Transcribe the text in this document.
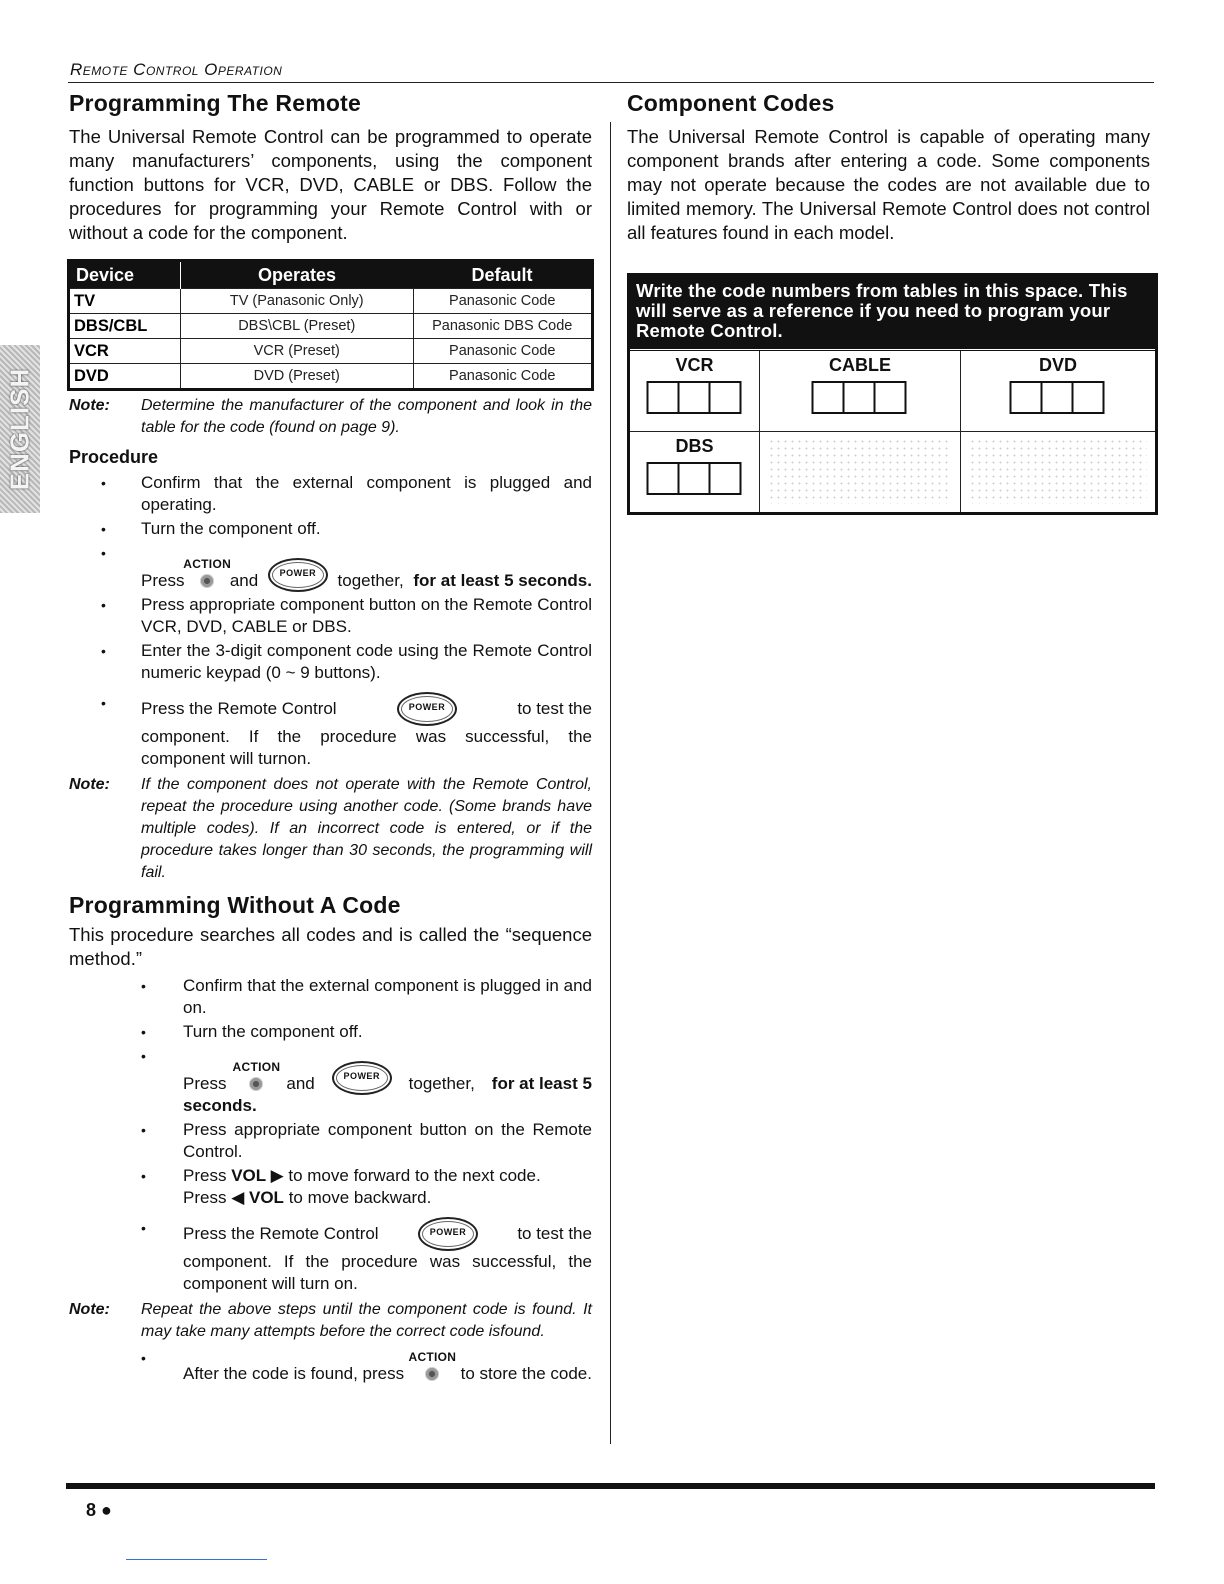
Remote Control Operation
ENGLISH
Programming The Remote

The Universal Remote Control can be programmed to operate many manufacturers’ components, using the component function buttons for VCR, DVD, CABLE or DBS. Follow the procedures for programming your Remote Control with or without a code for the component.

Device	Operates	Default
TV	TV (Panasonic Only)	Panasonic Code
DBS/CBL	DBS\CBL (Preset)	Panasonic DBS Code
VCR	VCR (Preset)	Panasonic Code
DVD	DVD (Preset)	Panasonic Code
Note:	Determine the manufacturer of the component and look in the table for the code (found on page 9).
Procedure
• Confirm that the external component is plugged and operating.
• Turn the component off.
• Press
ACTION
and	POWER	together, for at least 5 seconds.
• Press appropriate component button on the Remote Control VCR, DVD, CABLE or DBS.
• Enter the 3-digit component code using the Remote Control numeric keypad (0 ~ 9 buttons).
• Press the Remote Control	POWER	to test the
component. If the procedure was successful, the component will turnon.
Note:	If the component does not operate with the Remote Control, repeat the procedure using another code. (Some brands have multiple codes). If an incorrect code is entered, or if the procedure takes longer than 30 seconds, the programming will fail.
Programming Without A Code

This procedure searches all codes and is called the “sequence method.”

• Confirm that the external component is plugged in and on.
• Turn the component off.
• Press
ACTION
and	POWER	together, for at least 5
seconds.
• Press appropriate component button on the Remote Control.
• Press VOL ▶ to move forward to the next code.
Press ◀ VOL to move backward.
• Press the Remote Control	POWER	to test the
component. If the procedure was successful, the component will turn on.
Note:	Repeat the above steps until the component code is found. It may take many attempts before the correct code isfound.
• After the code is found, press
ACTION
to store the code.
Component Codes

The Universal Remote Control is capable of operating many component brands after entering a code. Some components may not operate because the codes are not available due to limited memory. The Universal Remote Control does not control all features found in each model.

Write the code numbers from tables in this space. This will serve as a reference if you need to program your Remote Control.
VCR	CABLE	DVD
DBS
8 ●
